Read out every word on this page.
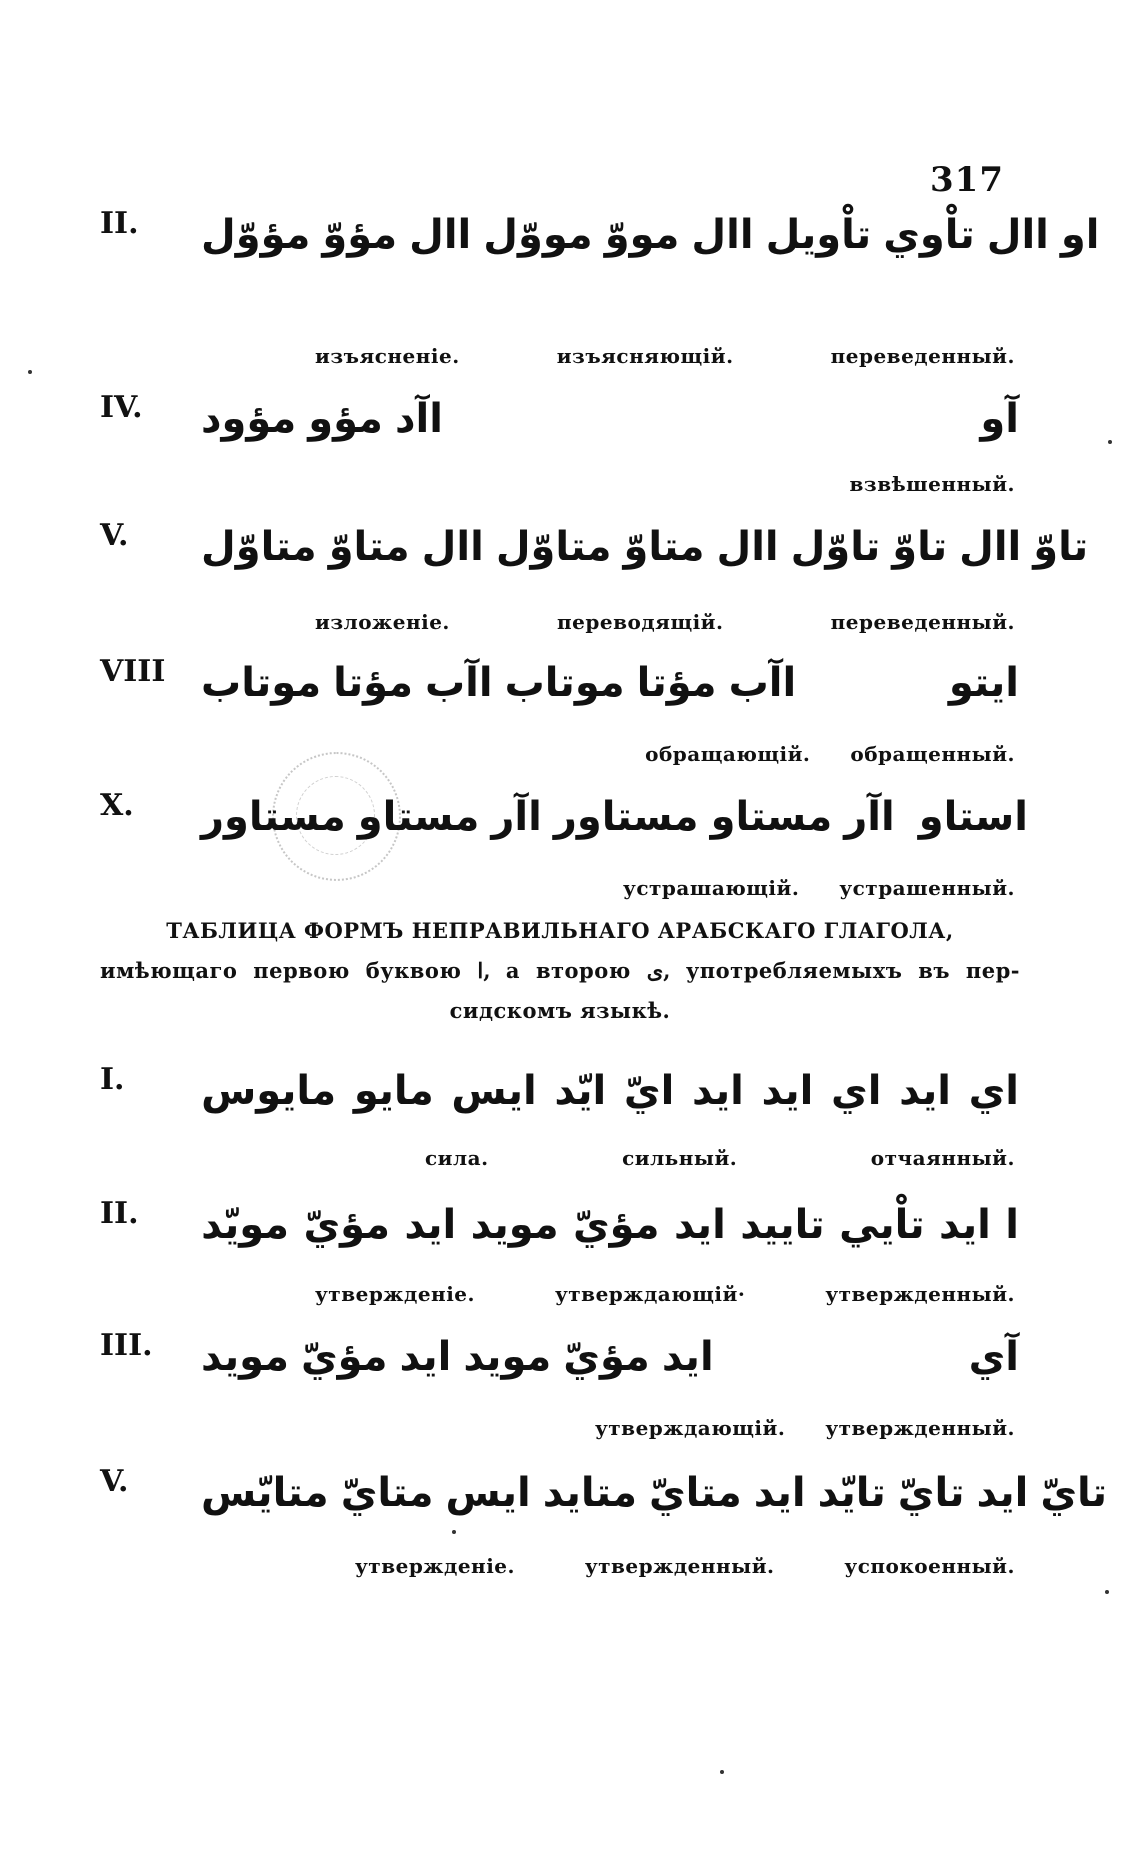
317
II. مؤوّل مؤوّ اال مووّل مووّ اال تاْويل تاْوي اال او
изъясненіе.	изъясняющій.	переведенный.
IV. مؤود مؤو اآد	آو
взвѣшенный.
V. متاوّل متاوّ اال متاوّل متاوّ اال تاوّل تاوّ اال تاوّ
изложеніе.	переводящій.	переведенный.
VIII موتاب مؤتا اآب موتاب مؤتا اآب	ايتو
обращающій. обращенный.
X. مستاور مستاو اآر مستاور مستاو اآر استاو
устрашающій. устрашенный.
ТАБЛИЦА ФОРМЪ НЕПРАВИЛЬНАГО АРАБСКАГО ГЛАГОЛА,
имѣющаго первою буквою ا, а второю ى, употребляемыхъ въ пер-
сидскомъ языкѣ.
I. مايوس مايو ايس ايّد ايّ ايد ايد اي ايد اي
сила.	сильный.	отчаянный.
II. مويّد مؤيّ ايد مويد مؤيّ ايد تاييد تاْيي ايد ا
утвержденіе.	утверждающій·	утвержденный.
III. مويد مؤيّ ايد مويد مؤيّ ايد	آي
утверждающій. утвержденный.
V. متايّس متايّ ايس متايد متايّ ايد تايّد تايّ ايد تايّ
утвержденіе.	утвержденный.	успокоенный.
